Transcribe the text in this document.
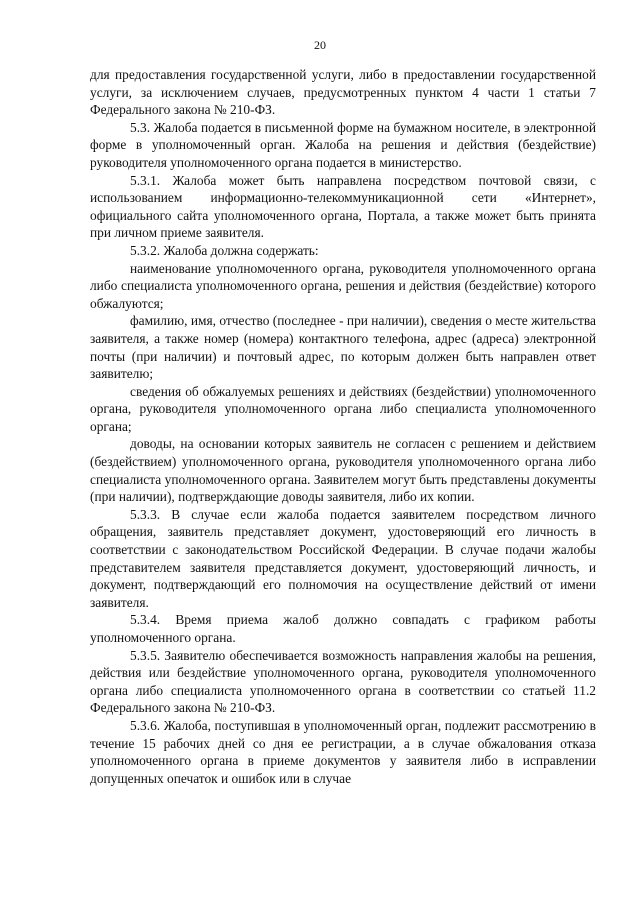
20

для предоставления государственной услуги, либо в предоставлении государственной услуги, за исключением случаев, предусмотренных пунктом 4 части 1 статьи 7 Федерального закона № 210-ФЗ.

5.3. Жалоба подается в письменной форме на бумажном носителе, в электронной форме в уполномоченный орган. Жалоба на решения и действия (бездействие) руководителя уполномоченного органа подается в министерство.

5.3.1. Жалоба может быть направлена посредством почтовой связи, с использованием информационно-телекоммуникационной сети «Интернет», официального сайта уполномоченного органа, Портала, а также может быть принята при личном приеме заявителя.

5.3.2. Жалоба должна содержать:

наименование уполномоченного органа, руководителя уполномоченного органа либо специалиста уполномоченного органа, решения и действия (бездействие) которого обжалуются;

фамилию, имя, отчество (последнее - при наличии), сведения о месте жительства заявителя, а также номер (номера) контактного телефона, адрес (адреса) электронной почты (при наличии) и почтовый адрес, по которым должен быть направлен ответ заявителю;

сведения об обжалуемых решениях и действиях (бездействии) уполномоченного органа, руководителя уполномоченного органа либо специалиста уполномоченного органа;

доводы, на основании которых заявитель не согласен с решением и действием (бездействием) уполномоченного органа, руководителя уполномоченного органа либо специалиста уполномоченного органа. Заявителем могут быть представлены документы (при наличии), подтверждающие доводы заявителя, либо их копии.

5.3.3. В случае если жалоба подается заявителем посредством личного обращения, заявитель представляет документ, удостоверяющий его личность в соответствии с законодательством Российской Федерации. В случае подачи жалобы представителем заявителя представляется документ, удостоверяющий личность, и документ, подтверждающий его полномочия на осуществление действий от имени заявителя.

5.3.4. Время приема жалоб должно совпадать с графиком работы уполномоченного органа.

5.3.5. Заявителю обеспечивается возможность направления жалобы на решения, действия или бездействие уполномоченного органа, руководителя уполномоченного органа либо специалиста уполномоченного органа в соответствии со статьей 11.2 Федерального закона № 210-ФЗ.

5.3.6. Жалоба, поступившая в уполномоченный орган, подлежит рассмотрению в течение 15 рабочих дней со дня ее регистрации, а в случае обжалования отказа уполномоченного органа в приеме документов у заявителя либо в исправлении допущенных опечаток и ошибок или в случае
